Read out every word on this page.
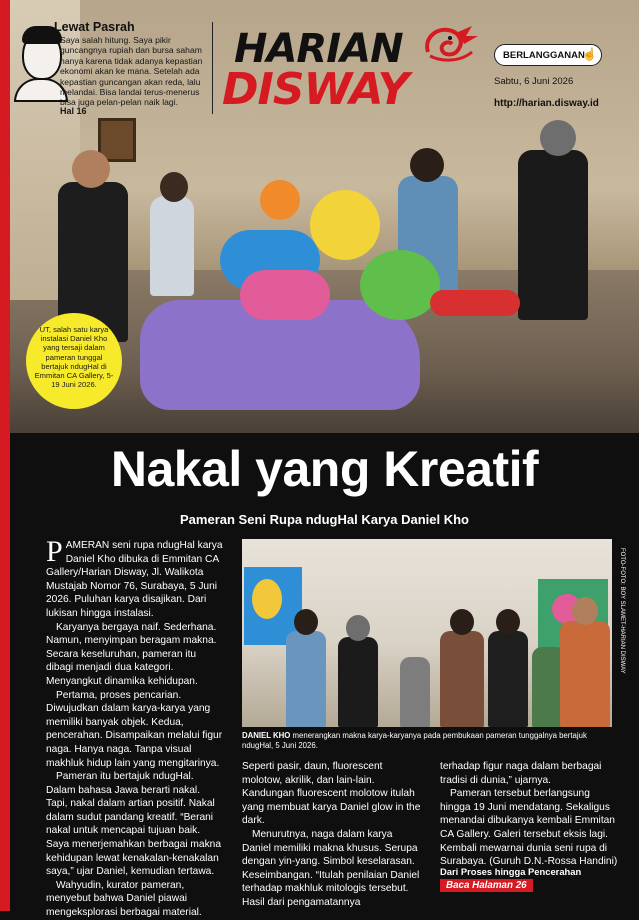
Lewat Pasrah
Saya salah hitung. Saya pikir guncangnya rupiah dan bursa saham hanya karena tidak adanya kepastian ekonomi akan ke mana. Setelah ada kepastian guncangan akan reda, lalu melandai. Bisa landai terus-menerus bisa juga pelan-pelan naik lagi.
Hal 16
HARIAN
DISWAY
BERLANGGANAN
☝
Sabtu, 6 Juni 2026
http://harian.disway.id
UT, salah satu karya instalasi Daniel Kho yang tersaji dalam pameran tunggal bertajuk ndugHal di Emmitan CA Gallery, 5-19 Juni 2026.
Nakal yang Kreatif
Pameran Seni Rupa ndugHal Karya Daniel Kho

PAMERAN seni rupa ndugHal karya Daniel Kho dibuka di Emmitan CA Gallery/Harian Disway, Jl. Walikota Mustajab Nomor 76, Surabaya, 5 Juni 2026. Puluhan karya disajikan. Dari lukisan hingga instalasi.

Karyanya bergaya naif. Sederhana. Namun, menyimpan beragam makna. Secara keseluruhan, pameran itu dibagi menjadi dua kategori. Menyangkut dinamika kehidupan.

Pertama, proses pencarian. Diwujudkan dalam karya-karya yang memiliki banyak objek. Kedua, pencerahan. Disampaikan melalui figur naga. Hanya naga. Tanpa visual makhluk hidup lain yang mengitarinya.

Pameran itu bertajuk ndugHal. Dalam bahasa Jawa berarti nakal. Tapi, nakal dalam artian positif. Nakal dalam sudut pandang kreatif. “Berani nakal untuk mencapai tujuan baik. Saya menerjemahkan berbagai makna kehidupan lewat kenakalan-kenakalan saya,” ujar Daniel, kemudian tertawa.

Wahyudin, kurator pameran, menyebut bahwa Daniel piawai mengeksplorasi berbagai material.

FOTO-FOTO: BOY SLAMET-HARIAN DISWAY
DANIEL KHO menerangkan makna karya-karyanya pada pembukaan pameran tunggalnya bertajuk ndugHal, 5 Juni 2026.

Seperti pasir, daun, fluorescent molotow, akrilik, dan lain-lain. Kandungan fluorescent molotow itulah yang membuat karya Daniel glow in the dark.

Menurutnya, naga dalam karya Daniel memiliki makna khusus. Serupa dengan yin-yang. Simbol keselarasan. Keseimbangan. “Itulah penilaian Daniel terhadap makhluk mitologis tersebut. Hasil dari pengamatannya

terhadap figur naga dalam berbagai tradisi di dunia,” ujarnya.

Pameran tersebut berlangsung hingga 19 Juni mendatang. Sekaligus menandai dibukanya kembali Emmitan CA Gallery. Galeri tersebut eksis lagi. Kembali mewarnai dunia seni rupa di Surabaya. (Guruh D.N.-Rossa Handini)

Dari Proses hingga Pencerahan
Baca Halaman 26
